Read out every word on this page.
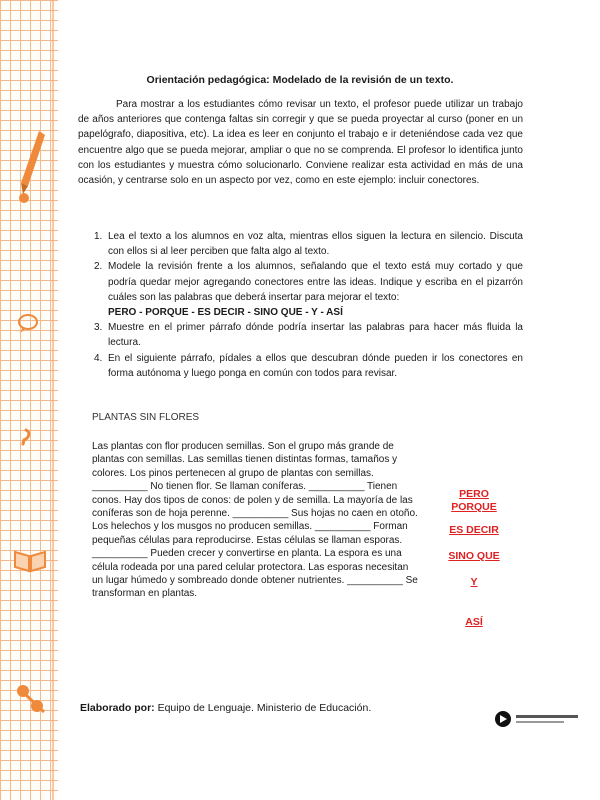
Orientación pedagógica: Modelado de la revisión de un texto.

Para mostrar a los estudiantes cómo revisar un texto, el profesor puede utilizar un trabajo de años anteriores que contenga faltas sin corregir y que se pueda proyectar al curso (poner en un papelógrafo, diapositiva, etc). La idea es leer en conjunto el trabajo e ir deteniéndose cada vez que encuentre algo que se pueda mejorar, ampliar o que no se comprenda. El profesor lo identifica junto con los estudiantes y muestra cómo solucionarlo. Conviene realizar esta actividad en más de una ocasión, y centrarse solo en un aspecto por vez, como en este ejemplo: incluir conectores.

1. Lea el texto a los alumnos en voz alta, mientras ellos siguen la lectura en silencio. Discuta con ellos si al leer perciben que falta algo al texto.
2. Modele la revisión frente a los alumnos, señalando que el texto está muy cortado y que podría quedar mejor agregando conectores entre las ideas. Indique y escriba en el pizarrón cuáles son las palabras que deberá insertar para mejorar el texto:
PERO - PORQUE - ES DECIR - SINO QUE - Y - ASÍ
3. Muestre en el primer párrafo dónde podría insertar las palabras para hacer más fluida la lectura.
4. En el siguiente párrafo, pídales a ellos que descubran dónde pueden ir los conectores en forma autónoma y luego ponga en común con todos para revisar.
PLANTAS SIN FLORES
Las plantas con flor producen semillas. Son el grupo más grande de plantas con semillas. Las semillas tienen distintas formas, tamaños y colores. Los pinos pertenecen al grupo de plantas con semillas. __________ No tienen flor. Se llaman coníferas. __________ Tienen conos. Hay dos tipos de conos: de polen y de semilla. La mayoría de las coníferas son de hoja perenne. __________ Sus hojas no caen en otoño.
Los helechos y los musgos no producen semillas. __________ Forman pequeñas células para reproducirse. Estas células se llaman esporas. __________ Pueden crecer y convertirse en planta. La espora es una célula rodeada por una pared celular protectora. Las esporas necesitan un lugar húmedo y sombreado donde obtener nutrientes. __________ Se transforman en plantas.
PERO
PORQUE
ES DECIR
SINO QUE
Y
ASÍ
Elaborado por: Equipo de Lenguaje. Ministerio de Educación.
